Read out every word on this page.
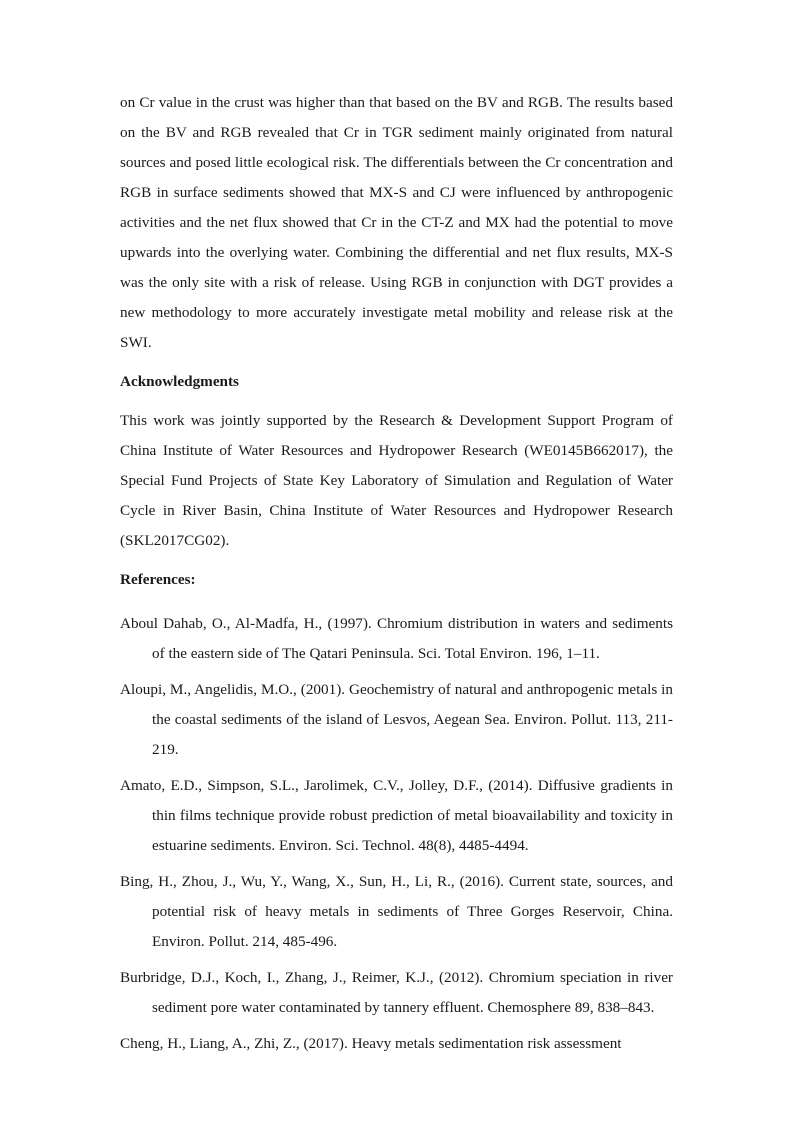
on Cr value in the crust was higher than that based on the BV and RGB. The results based on the BV and RGB revealed that Cr in TGR sediment mainly originated from natural sources and posed little ecological risk. The differentials between the Cr concentration and RGB in surface sediments showed that MX-S and CJ were influenced by anthropogenic activities and the net flux showed that Cr in the CT-Z and MX had the potential to move upwards into the overlying water. Combining the differential and net flux results, MX-S was the only site with a risk of release. Using RGB in conjunction with DGT provides a new methodology to more accurately investigate metal mobility and release risk at the SWI.

Acknowledgments

This work was jointly supported by the Research & Development Support Program of China Institute of Water Resources and Hydropower Research (WE0145B662017), the Special Fund Projects of State Key Laboratory of Simulation and Regulation of Water Cycle in River Basin, China Institute of Water Resources and Hydropower Research (SKL2017CG02).

References:

Aboul Dahab, O., Al-Madfa, H., (1997). Chromium distribution in waters and sediments of the eastern side of The Qatari Peninsula. Sci. Total Environ. 196, 1–11.
Aloupi, M., Angelidis, M.O., (2001). Geochemistry of natural and anthropogenic metals in the coastal sediments of the island of Lesvos, Aegean Sea. Environ. Pollut. 113, 211-219.
Amato, E.D., Simpson, S.L., Jarolimek, C.V., Jolley, D.F., (2014). Diffusive gradients in thin films technique provide robust prediction of metal bioavailability and toxicity in estuarine sediments. Environ. Sci. Technol. 48(8), 4485-4494.
Bing, H., Zhou, J., Wu, Y., Wang, X., Sun, H., Li, R., (2016). Current state, sources, and potential risk of heavy metals in sediments of Three Gorges Reservoir, China. Environ. Pollut. 214, 485-496.
Burbridge, D.J., Koch, I., Zhang, J., Reimer, K.J., (2012). Chromium speciation in river sediment pore water contaminated by tannery effluent. Chemosphere 89, 838–843.
Cheng, H., Liang, A., Zhi, Z., (2017). Heavy metals sedimentation risk assessment
